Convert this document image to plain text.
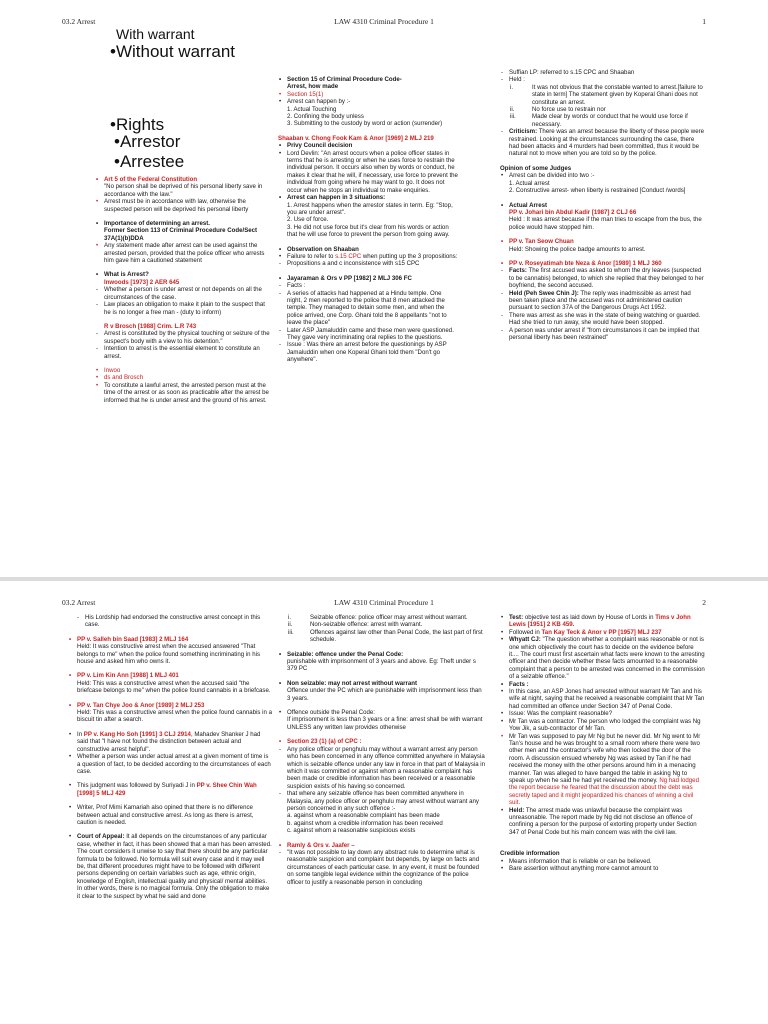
03.2 Arrest	LAW 4310 Criminal Procedure 1	1
With warrant
•Without warrant
•Rights
•Arrestor
•Arrestee

• Art 5 of the Federal Constitution

"No person shall be deprived of his personal liberty save in accordance with the law."

• Arrest must be in accordance with law, otherwise the suspected person will be deprived his personal liberty

• Importance of determining an arrest.

Former Section 113 of Criminal Procedure Code/Sect 37A(1)(b)DDA

• Any statement made after arrest can be used against the arrested person, provided that the police officer who arrests him gave him a cautioned statement

• What is Arrest?

Inwoods [1973] 2 AER 645

- Whether a person is under arrest or not depends on all the circumstances of the case.

- Law places an obligation to make it plain to the suspect that he is no longer a free man - (duty to inform)

R v Brosch [1988] Crim. L.R 743

- Arrest is constituted by the physical touching or seizure of the suspect's body with a view to his detention."

- Intention to arrest is the essential element to constitute an arrest.

• Inwoo

• ds and Brosch

• To constitute a lawful arrest, the arrested person must at the time of the arrest or as soon as practicable after the arrest be informed that he is under arrest and the ground of his arrest.

• Section 15 of Criminal Procedure Code-

Arrest, how made

• Section 15(1)

• Arrest can happen by :-

1. Actual Touching

2. Confining the body unless

3. Submitting to the custody by word or action (surrender)

Shaaban v. Chong Fook Kam & Anor [1969] 2 MLJ 219

• Privy Council decision

• Lord Devlin: "An arrest occurs when a police officer states in terms that he is arresting or when he uses force to restrain the individual person. It occurs also when by words or conduct, he makes it clear that he will, if necessary, use force to prevent the individual from going where he may want to go. It does not occur when he stops an individual to make enquiries.

• Arrest can happen in 3 situations:

1. Arrest happens when the arrestor states in term. Eg: "Stop, you are under arrest".

2. Use of force.

3. He did not use force but it's clear from his words or action that he will use force to prevent the person from going away.

• Observation on Shaaban

• Failure to refer to s.15 CPC when putting up the 3 propositions:

- Propositions a and c inconsistence with s15 CPC

• Jayaraman & Ors v PP [1982] 2 MLJ 306 FC

- Facts :

- A series of attacks had happened at a Hindu temple. One night, 2 men reported to the police that 8 men attacked the temple. They managed to detain some men, and when the police arrived, one Corp. Ghani told the 8 appellants "not to leave the place"

- Later ASP Jamaluddin came and these men were questioned. They gave very incriminating oral replies to the questions.

- Issue : Was there an arrest before the questionings by ASP Jamaluddin when one Koperal Ghani told them "Don't go anywhere".

- Suffian LP: referred to s.15 CPC and Shaaban

- Held :

i.	It was not obvious that the constable wanted to arrest.[failure to state in term] The statement given by Koperal Ghani does not constitute an arrest.

ii.	No force use to restrain nor

iii.	Made clear by words or conduct that he would use force if necessary.

- Criticism: There was an arrest because the liberty of these people were restrained. Looking at the circumstances surrounding the case, there had been attacks and 4 murders had been committed, thus it would be natural not to move when you are told so by the police.

Opinion of some Judges

• Arrest can be divided into two :-

1. Actual arrest

2. Constructive arrest- when liberty is restrained [Conduct /words]

• Actual Arrest

PP v. Johari bin Abdul Kadir [1987] 2 CLJ 66

Held : It was arrest because if the man tries to escape from the bus, the police would have stopped him.

• PP v. Tan Seow Chuan

Held: Showing the police badge amounts to arrest.

• PP v. Roseyatimah bte Neza & Anor [1989] 1 MLJ 360

- Facts: The first accused was asked to whom the dry leaves (suspected to be cannabis) belonged, to which she replied that they belonged to her boyfriend, the second accused.

- Held (Peh Swee Chin J): The reply was inadmissible as arrest had been taken place and the accused was not administered caution pursuant to section 37A of the Dangerous Drugs Act 1952.

- There was arrest as she was in the state of being watching or guarded. Had she tried to run away, she would have been stopped.

- A person was under arrest if "from circumstances it can be implied that personal liberty has been restrained"

03.2 Arrest	LAW 4310 Criminal Procedure 1	2

- His Lordship had endorsed the constructive arrest concept in this case.

• PP v. Salleh bin Saad [1983] 2 MLJ 164

Held: It was constructive arrest when the accused answered "That belongs to me" when the police found something incriminating in his house and asked him who owns it.

• PP v. Lim Kin Ann [1988] 1 MLJ 401

Held: This was a constructive arrest when the accused said "the briefcase belongs to me" when the police found cannabis in a briefcase.

• PP v. Tan Chye Joo & Anor [1989] 2 MLJ 253

Held: This was a constructive arrest when the police found cannabis in a biscuit tin after a search.

• In PP v. Kang Ho Soh [1991] 3 CLJ 2914, Mahadev Shanker J had said that "I have not found the distinction between actual and constructive arrest helpful".

• Whether a person was under actual arrest at a given moment of time is a question of fact, to be decided according to the circumstances of each case.

• This judgment was followed by Suriyadi J in PP v. Shee Chin Wah [1998] 5 MLJ 429

• Writer, Prof Mimi Kamariah also opined that there is no difference between actual and constructive arrest. As long as there is arrest, caution is needed.

• Court of Appeal: It all depends on the circumstances of any particular case, whether in fact, it has been showed that a man has been arrested. The court considers it unwise to say that there should be any particular formula to be followed. No formula will suit every case and it may well be, that different procedures might have to be followed with different persons depending on certain variables such as age, ethnic origin, knowledge of English, intellectual quality and physical/ mental abilities. In other words, there is no magical formula. Only the obligation to make it clear to the suspect by what he said and done

i.	Seizable offence: police officer may arrest without warrant.

ii.	Non-seizable offence: arrest with warrant.

iii.	Offences against law other than Penal Code, the last part of first schedule.

• Seizable: offence under the Penal Code:

punishable with imprisonment of 3 years and above. Eg: Theft under s 379 PC

• Non seizable: may not arrest without warrant

Offence under the PC which are punishable with imprisonment less than 3 years.

• Offence outside the Penal Code:

If imprisonment is less than 3 years or a fine: arrest shall be with warrant UNLESS any written law provides otherwise

• Section 23 (1) (a) of CPC :

- Any police officer or penghulu may without a warrant arrest any person who has been concerned in any offence committed anywhere in Malaysia which is seizable offence under any law in force in that part of Malaysia in which it was committed or against whom a reasonable complaint has been made or credible information has been received or a reasonable suspicion exists of his having so concerned.

- that where any seizable offence has been committed anywhere in Malaysia, any police officer or penghulu may arrest without warrant any person concerned in any such offence :-

a. against whom a reasonable complaint has been made

b. against whom a credible information has been received

c. against whom a reasonable suspicious exists

• Ramly & Ors v. Jaafer –

- "It was not possible to lay down any abstract rule to determine what is reasonable suspicion and complaint but depends, by large on facts and circumstances of each particular case. In any event, it must be founded on some tangible legal evidence within the cognizance of the police officer to justify a reasonable person in concluding

• Test: objective test as laid down by House of Lords in Tims v John Lewis [1951] 2 KB 459.

• Followed in Tan Kay Teck & Anor v PP [1957] MLJ 237

• Whyatt CJ: "The question whether a complaint was reasonable or not is one which objectively the court has to decide on the evidence before it.... The court must first ascertain what facts were known to the arresting officer and then decide whether these facts amounted to a reasonable complaint that a person to be arrested was concerned in the commission of a seizable offence."

• Facts :

• In this case, an ASP Jones had arrested without warrant Mr Tan and his wife at night, saying that he received a reasonable complaint that Mr Tan had committed an offence under Section 347 of Penal Code.

• Issue: Was the complaint reasonable?

• Mr Tan was a contractor. The person who lodged the complaint was Ng Yow Jik, a sub-contractor of Mr Tan.

• Mr Tan was supposed to pay Mr Ng but he never did. Mr Ng went to Mr Tan's house and he was brought to a small room where there were two other men and the contractor's wife who then locked the door of the room. A discussion ensued whereby Ng was asked by Tan if he had received the money with the other persons around him in a menacing manner. Tan was alleged to have banged the table in asking Ng to speak up when he said he had yet received the money. Ng had lodged the report because he feared that the discussion about the debt was secretly taped and it might jeopardized his chances of winning a civil suit.

• Held: The arrest made was unlawful because the complaint was unreasonable. The report made by Ng did not disclose an offence of confining a person for the purpose of extorting property under Section 347 of Penal Code but his main concern was with the civil law.

Credible information

• Means information that is reliable or can be believed.

• Bare assertion without anything more cannot amount to
